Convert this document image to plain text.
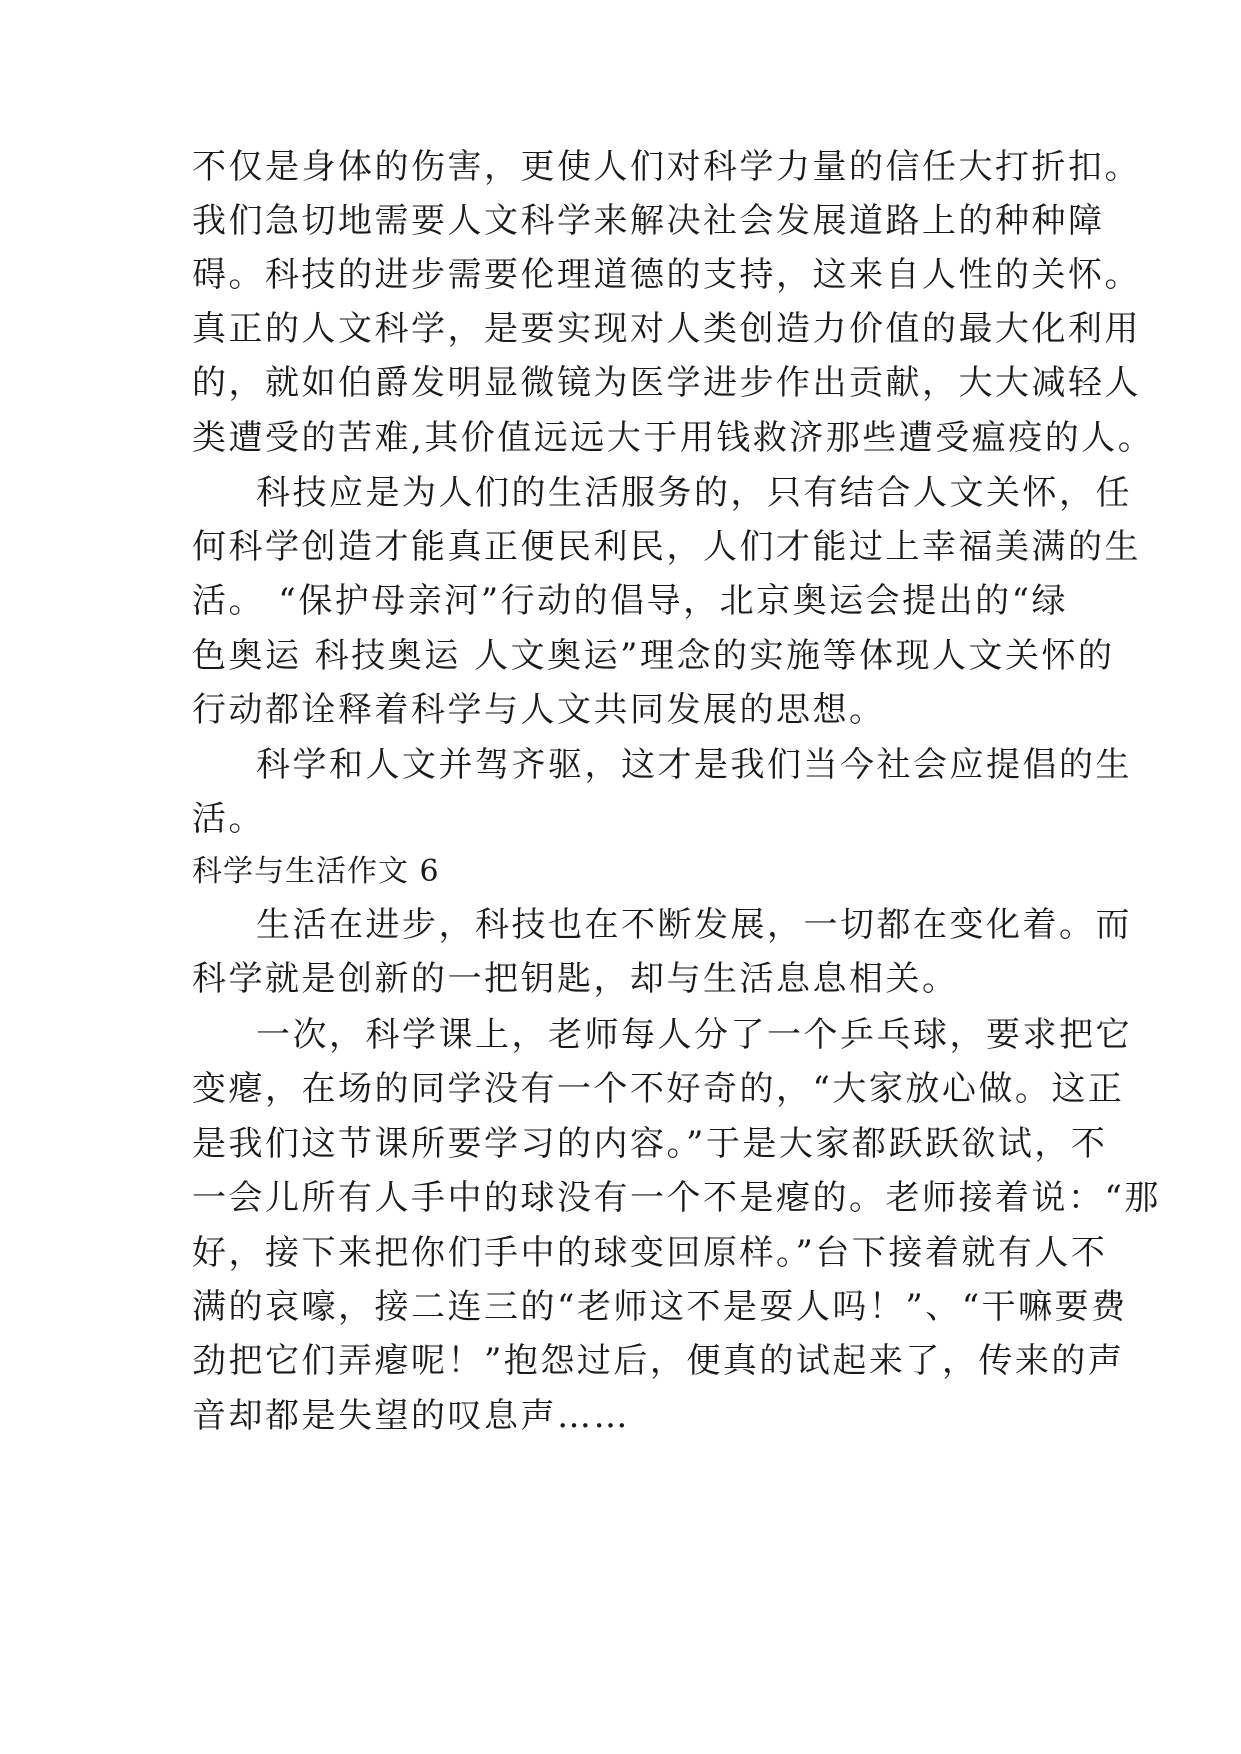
不仅是身体的伤害，更使人们对科学力量的信任大打折扣。
我们急切地需要人文科学来解决社会发展道路上的种种障
碍。科技的进步需要伦理道德的支持，这来自人性的关怀。
真正的人文科学，是要实现对人类创造力价值的最大化利用
的，就如伯爵发明显微镜为医学进步作出贡献，大大减轻人
类遭受的苦难,其价值远远大于用钱救济那些遭受瘟疫的人。
科技应是为人们的生活服务的，只有结合人文关怀，任
何科学创造才能真正便民利民，人们才能过上幸福美满的生
活。 “保护母亲河”行动的倡导，北京奥运会提出的“绿
色奥运 科技奥运 人文奥运”理念的实施等体现人文关怀的
行动都诠释着科学与人文共同发展的思想。
科学和人文并驾齐驱，这才是我们当今社会应提倡的生
活。
科学与生活作文 6
生活在进步，科技也在不断发展，一切都在变化着。而
科学就是创新的一把钥匙，却与生活息息相关。
一次，科学课上，老师每人分了一个乒乓球，要求把它
变瘪，在场的同学没有一个不好奇的，“大家放心做。这正
是我们这节课所要学习的内容。”于是大家都跃跃欲试，不
一会儿所有人手中的球没有一个不是瘪的。老师接着说：“那
好，接下来把你们手中的球变回原样。”台下接着就有人不
满的哀嚎，接二连三的“老师这不是耍人吗！”、“干嘛要费
劲把它们弄瘪呢！”抱怨过后，便真的试起来了，传来的声
音却都是失望的叹息声……
